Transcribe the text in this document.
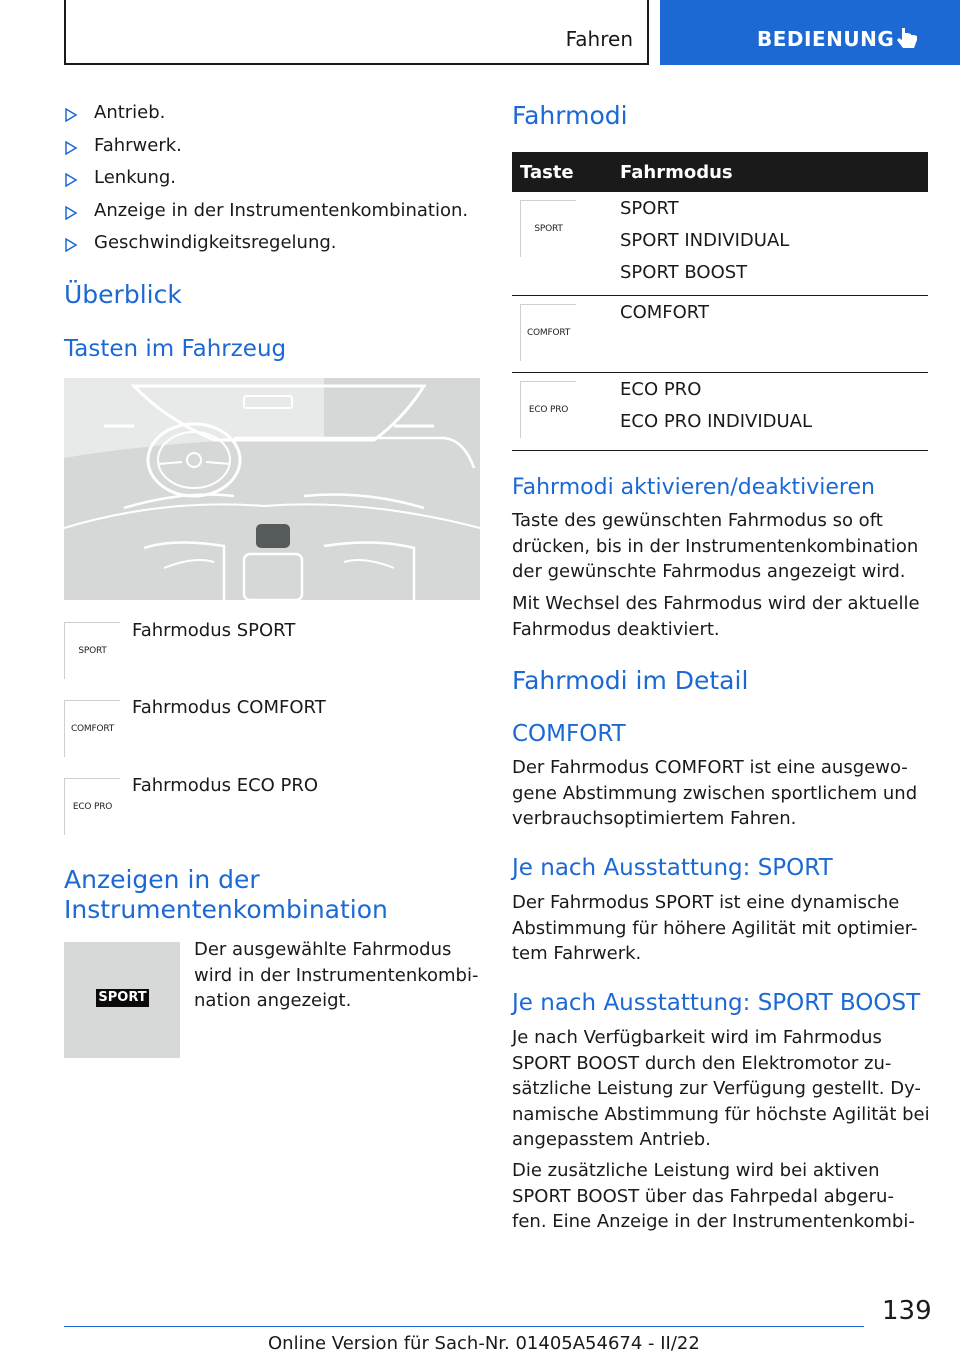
Fahren	BEDIENUNG
Antrieb.
Fahrwerk.
Lenkung.
Anzeige in der Instrumentenkombination.
Geschwindigkeitsregelung.
Überblick
Tasten im Fahrzeug
SPORT
Fahrmodus SPORT
COMFORT
Fahrmodus COMFORT
ECO PRO
Fahrmodus ECO PRO
Anzeigen in der
Instrumentenkombination
SPORT
Der ausgewählte Fahrmodus
wird in der Instrumentenkombi-
nation angezeigt.
Fahrmodi
Taste	Fahrmodus
SPORT
SPORT
SPORT INDIVIDUAL
SPORT BOOST
COMFORT
COMFORT
ECO PRO
ECO PRO
ECO PRO INDIVIDUAL
Fahrmodi aktivieren/deaktivieren
Taste des gewünschten Fahrmodus so oft
drücken, bis in der Instrumentenkombination
der gewünschte Fahrmodus angezeigt wird.
Mit Wechsel des Fahrmodus wird der aktuelle
Fahrmodus deaktiviert.
Fahrmodi im Detail
COMFORT
Der Fahrmodus COMFORT ist eine ausgewo-
gene Abstimmung zwischen sportlichem und
verbrauchsoptimiertem Fahren.
Je nach Ausstattung: SPORT
Der Fahrmodus SPORT ist eine dynamische
Abstimmung für höhere Agilität mit optimier-
tem Fahrwerk.
Je nach Ausstattung: SPORT BOOST
Je nach Verfügbarkeit wird im Fahrmodus
SPORT BOOST durch den Elektromotor zu-
sätzliche Leistung zur Verfügung gestellt. Dy-
namische Abstimmung für höchste Agilität bei
angepasstem Antrieb.
Die zusätzliche Leistung wird bei aktiven
SPORT BOOST über das Fahrpedal abgeru-
fen. Eine Anzeige in der Instrumentenkombi-
139
Online Version für Sach-Nr. 01405A54674 - II/22
